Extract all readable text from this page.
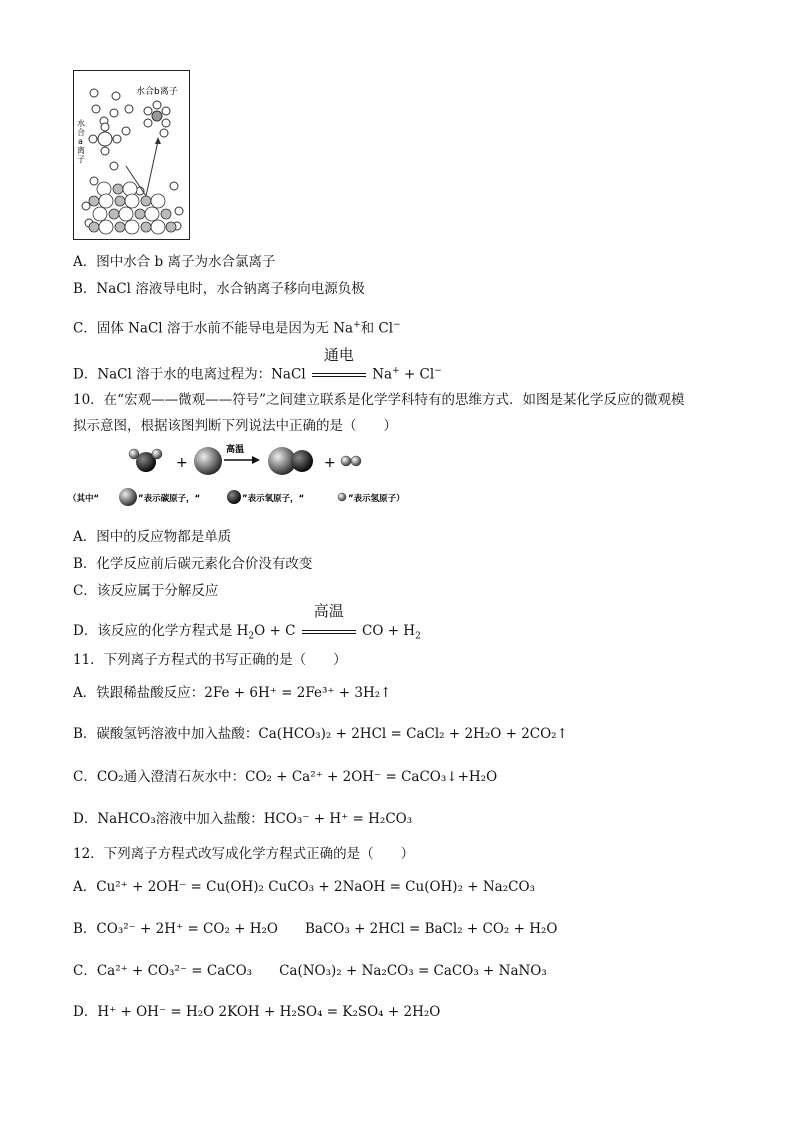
水合b离子
水
合
a
离
子
A．图中水合 b 离子为水合氯离子
B．NaCl 溶液导电时，水合钠离子移向电源负极
C．固体 NaCl 溶于水前不能导电是因为无 Na+和 Cl−
D．NaCl 溶于水的电离过程为：NaCl
通电
Na+ + Cl−
10．在“宏观——微观——符号”之间建立联系是化学学科特有的思维方式．如图是某化学反应的微观模
拟示意图，根据该图判断下列说法中正确的是（　　）
+
高温
+
（其中“	”表示碳原子，“	”表示氧原子，“	”表示氢原子）
A．图中的反应物都是单质
B．化学反应前后碳元素化合价没有改变
C．该反应属于分解反应
D．该反应的化学方程式是 $H_2O + C$
高温
CO + $H_2$
11．下列离子方程式的书写正确的是（　　）
A．铁跟稀盐酸反应：2Fe + 6H⁺ = 2Fe³⁺ + 3H₂↑
B．碳酸氢钙溶液中加入盐酸：Ca(HCO₃)₂ + 2HCl = CaCl₂ + 2H₂O + 2CO₂↑
C．CO₂通入澄清石灰水中：CO₂ + Ca²⁺ + 2OH⁻ = CaCO₃↓+H₂O
D．NaHCO₃溶液中加入盐酸：HCO₃⁻ + H⁺ = H₂CO₃
12．下列离子方程式改写成化学方程式正确的是（　　）
A．Cu²⁺ + 2OH⁻ = Cu(OH)₂ CuCO₃ + 2NaOH = Cu(OH)₂ + Na₂CO₃
B．CO₃²⁻ + 2H⁺ = CO₂ + H₂O　　BaCO₃ + 2HCl = BaCl₂ + CO₂ + H₂O
C．Ca²⁺ + CO₃²⁻ = CaCO₃　　Ca(NO₃)₂ + Na₂CO₃ = CaCO₃ + NaNO₃
D．H⁺ + OH⁻ = H₂O 2KOH + H₂SO₄ = K₂SO₄ + 2H₂O
